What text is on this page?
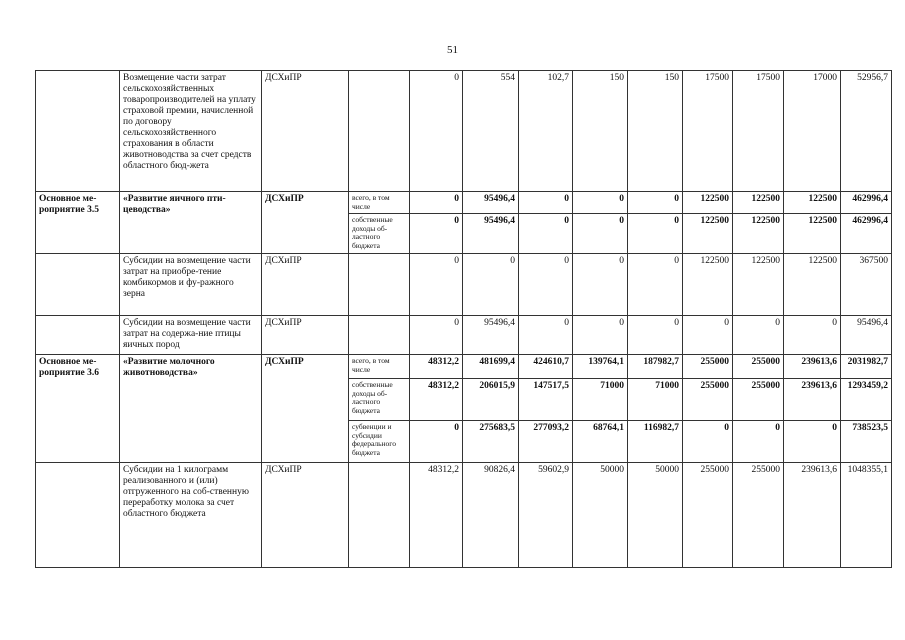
51
	Возмещение части затрат сельскохозяйственных товаропроизводителей на уплату страховой премии, начисленной по договору сельскохозяйственного страхования в области животноводства за счет средств областного бюд-жета	ДСХиПР		0	554	102,7	150	150	17500	17500	17000	52956,7
Основное ме-роприятие 3.5	«Развитие яичного пти-цеводства»	ДСХиПР	всего, в том числе	0	95496,4	0	0	0	122500	122500	122500	462996,4
			собственные доходы об-ластного бюджета	0	95496,4	0	0	0	122500	122500	122500	462996,4
	Субсидии на возмещение части затрат на приобре-тение комбикормов и фу-ражного зерна	ДСХиПР		0	0	0	0	0	122500	122500	122500	367500
	Субсидии на возмещение части затрат на содержа-ние птицы яичных пород	ДСХиПР		0	95496,4	0	0	0	0	0	0	95496,4
Основное ме-роприятие 3.6	«Развитие молочного животноводства»	ДСХиПР	всего, в том числе	48312,2	481699,4	424610,7	139764,1	187982,7	255000	255000	239613,6	2031982,7
			собственные доходы об-ластного бюджета	48312,2	206015,9	147517,5	71000	71000	255000	255000	239613,6	1293459,2
			субвенции и субсидии федерального бюджета	0	275683,5	277093,2	68764,1	116982,7	0	0	0	738523,5
	Субсидии на 1 килограмм реализованного и (или) отгруженного на соб-ственную переработку молока за счет областного бюджета	ДСХиПР		48312,2	90826,4	59602,9	50000	50000	255000	255000	239613,6	1048355,1
